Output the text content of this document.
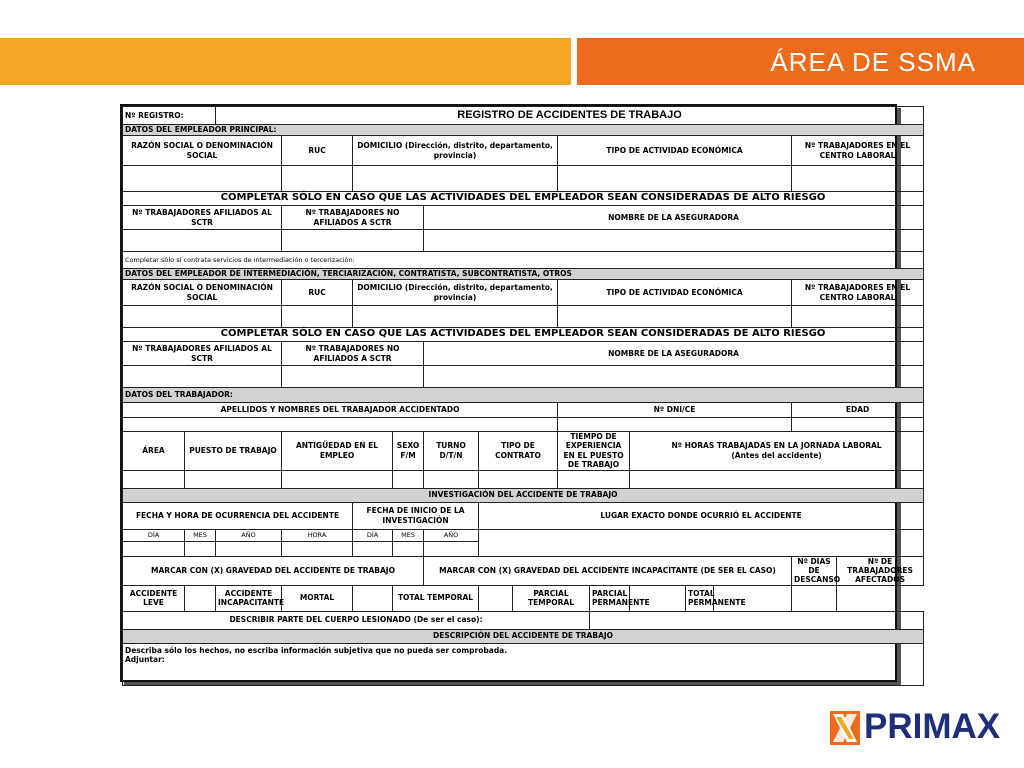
ÁREA DE SSMA
Nº REGISTRO:		REGISTRO DE ACCIDENTES DE TRABAJO													
DATOS DEL EMPLEADOR PRINCIPAL:															
RAZÓN SOCIAL O DENOMINACIÓN SOCIAL			RUC	DOMICILIO (Dirección, distrito, departamento, provincia)					TIPO DE ACTIVIDAD ECONÓMICA					Nº TRABAJADORES EN EL CENTRO LABORAL	

COMPLETAR SÓLO EN CASO QUE LAS ACTIVIDADES DEL EMPLEADOR SEAN CONSIDERADAS DE ALTO RIESGO															
Nº TRABAJADORES AFILIADOS AL SCTR			Nº TRABAJADORES NO AFILIADOS A SCTR			NOMBRE DE LA ASEGURADORA									

Completar sólo si contrata servicios de intermediación o tercerización:															
DATOS DEL EMPLEADOR DE INTERMEDIACIÓN, TERCIARIZACIÓN, CONTRATISTA, SUBCONTRATISTA, OTROS															
RAZÓN SOCIAL O DENOMINACIÓN SOCIAL			RUC	DOMICILIO (Dirección, distrito, departamento, provincia)					TIPO DE ACTIVIDAD ECONÓMICA					Nº TRABAJADORES EN EL CENTRO LABORAL	

COMPLETAR SÓLO EN CASO QUE LAS ACTIVIDADES DEL EMPLEADOR SEAN CONSIDERADAS DE ALTO RIESGO															
Nº TRABAJADORES AFILIADOS AL SCTR			Nº TRABAJADORES NO AFILIADOS A SCTR			NOMBRE DE LA ASEGURADORA									

DATOS DEL TRABAJADOR:															
APELLIDOS Y NOMBRES DEL TRABAJADOR ACCIDENTADO									Nº DNI/CE					EDAD	

ÁREA	PUESTO DE TRABAJO		ANTIGÜEDAD EN EL EMPLEO		SEXO F/M	TURNO D/T/N	TIPO DE CONTRATO		TIEMPO DE EXPERIENCIA EN EL PUESTO DE TRABAJO		Nº HORAS TRABAJADAS EN LA JORNADA LABORAL
(Antes del accidente)				

INVESTIGACIÓN DEL ACCIDENTE DE TRABAJO															
FECHA Y HORA DE OCURRENCIA DEL ACCIDENTE				FECHA DE INICIO DE LA INVESTIGACIÓN			LUGAR EXACTO DONDE OCURRIÓ EL ACCIDENTE								
DÍA	MES	AÑO	HORA	DÍA	MES	AÑO									

MARCAR CON (X) GRAVEDAD DEL ACCIDENTE DE TRABAJO						MARCAR CON (X) GRAVEDAD DEL ACCIDENTE INCAPACITANTE (DE SER EL CASO)								Nº DÍAS DE DESCANSO	Nº DE TRABAJADORES AFECTADOS
ACCIDENTE LEVE		ACCIDENTE INCAPACITANTE	MORTAL		TOTAL TEMPORAL			PARCIAL TEMPORAL		PARCIAL PERMANENTE		TOTAL PERMANENTE			
DESCRIBIR PARTE DEL CUERPO LESIONADO (De ser el caso):															
DESCRIPCIÓN DEL ACCIDENTE DE TRABAJO															
Describa sólo los hechos, no escriba información subjetiva que no pueda ser comprobada.
Adjuntar:															
PRIMAX
